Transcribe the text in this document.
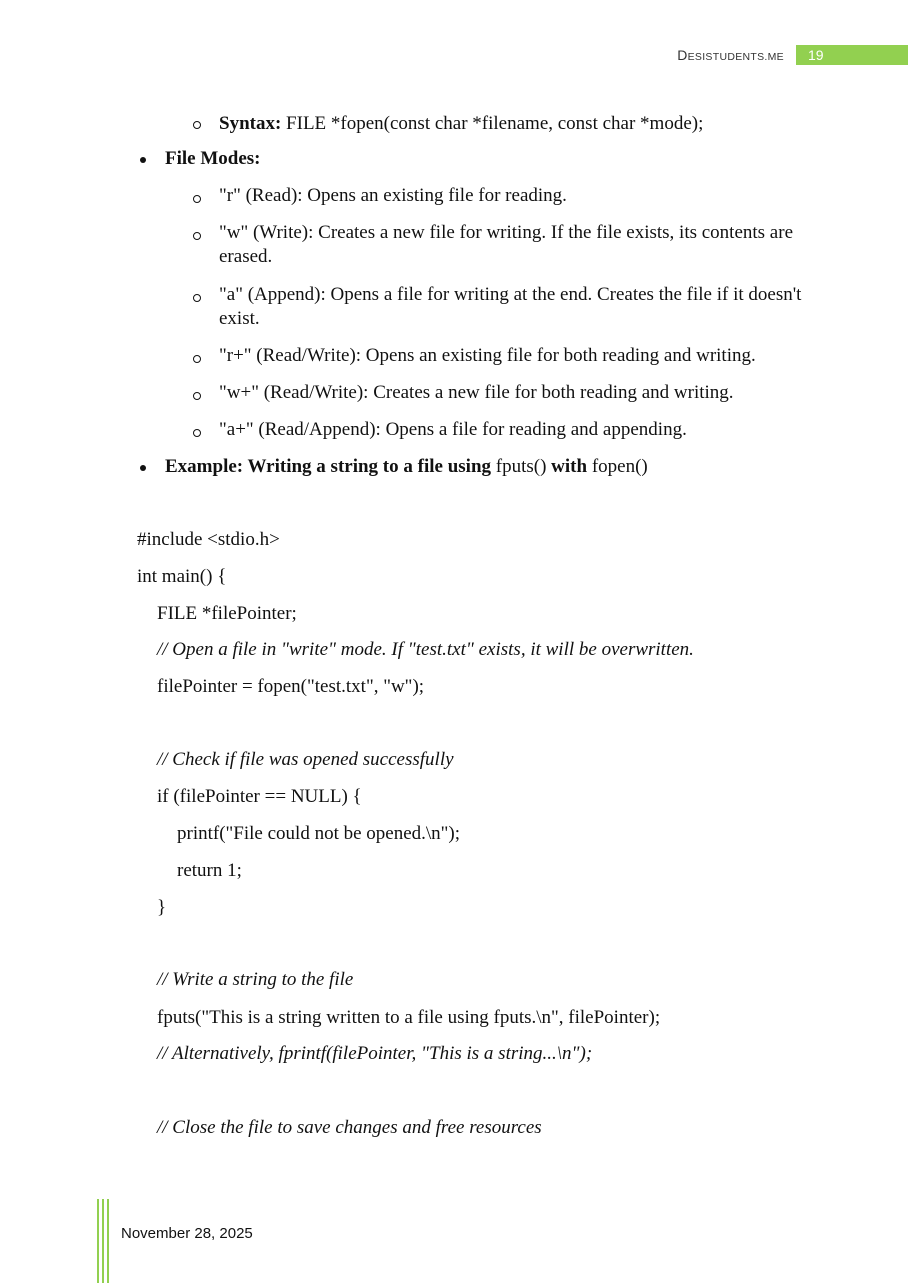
DESISTUDENTS.ME	19
Syntax: FILE *fopen(const char *filename, const char *mode);
File Modes:
"r" (Read): Opens an existing file for reading.
"w" (Write): Creates a new file for writing. If the file exists, its contents are erased.
"a" (Append): Opens a file for writing at the end. Creates the file if it doesn't exist.
"r+" (Read/Write): Opens an existing file for both reading and writing.
"w+" (Read/Write): Creates a new file for both reading and writing.
"a+" (Read/Append): Opens a file for reading and appending.
Example: Writing a string to a file using fputs() with fopen()
#include <stdio.h>
int main() {
FILE *filePointer;
// Open a file in "write" mode. If "test.txt" exists, it will be overwritten.
filePointer = fopen("test.txt", "w");
// Check if file was opened successfully
if (filePointer == NULL) {
printf("File could not be opened.\n");
return 1;
}
// Write a string to the file
fputs("This is a string written to a file using fputs.\n", filePointer);
// Alternatively, fprintf(filePointer, "This is a string...\n");
// Close the file to save changes and free resources
November 28, 2025
